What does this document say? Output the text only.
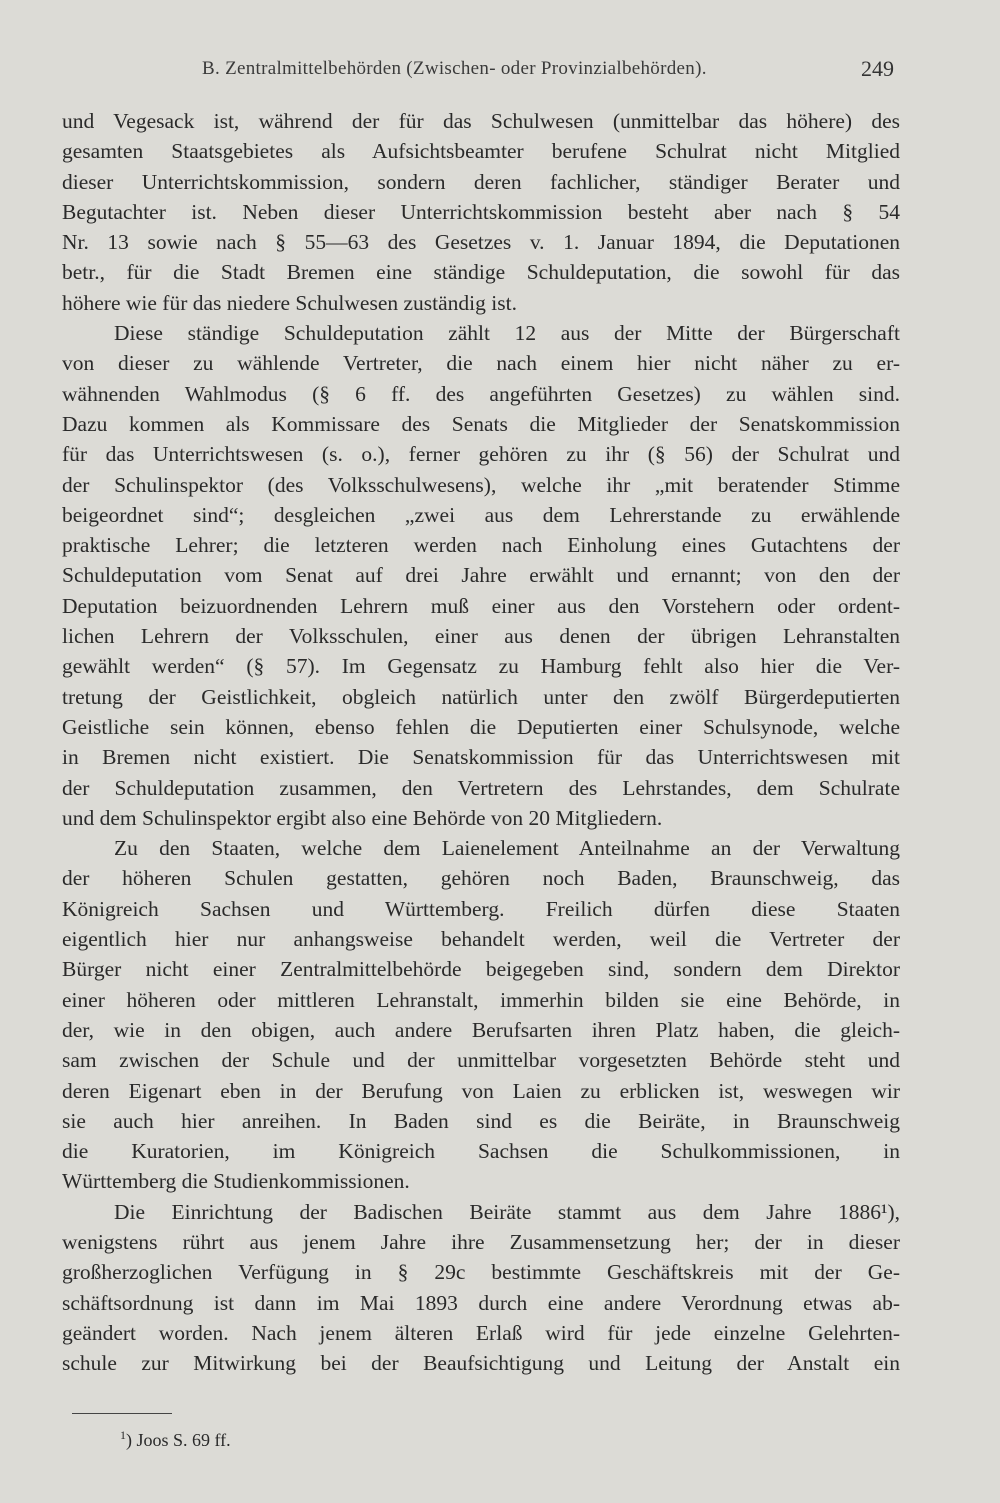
B. Zentralmittelbehörden (Zwischen- oder Provinzialbehörden).	249
und Vegesack ist, während der für das Schulwesen (unmittelbar das höhere) des
gesamten Staatsgebietes als Aufsichtsbeamter berufene Schulrat nicht Mitglied
dieser Unterrichtskommission, sondern deren fachlicher, ständiger Berater und
Begutachter ist. Neben dieser Unterrichtskommission besteht aber nach § 54
Nr. 13 sowie nach § 55—63 des Gesetzes v. 1. Januar 1894, die Deputationen
betr., für die Stadt Bremen eine ständige Schuldeputation, die sowohl für das
höhere wie für das niedere Schulwesen zuständig ist.
Diese ständige Schuldeputation zählt 12 aus der Mitte der Bürgerschaft
von dieser zu wählende Vertreter, die nach einem hier nicht näher zu er-
wähnenden Wahlmodus (§ 6 ff. des angeführten Gesetzes) zu wählen sind.
Dazu kommen als Kommissare des Senats die Mitglieder der Senatskommission
für das Unterrichtswesen (s. o.), ferner gehören zu ihr (§ 56) der Schulrat und
der Schulinspektor (des Volksschulwesens), welche ihr „mit beratender Stimme
beigeordnet sind“; desgleichen „zwei aus dem Lehrerstande zu erwählende
praktische Lehrer; die letzteren werden nach Einholung eines Gutachtens der
Schuldeputation vom Senat auf drei Jahre erwählt und ernannt; von den der
Deputation beizuordnenden Lehrern muß einer aus den Vorstehern oder ordent-
lichen Lehrern der Volksschulen, einer aus denen der übrigen Lehranstalten
gewählt werden“ (§ 57). Im Gegensatz zu Hamburg fehlt also hier die Ver-
tretung der Geistlichkeit, obgleich natürlich unter den zwölf Bürgerdeputierten
Geistliche sein können, ebenso fehlen die Deputierten einer Schulsynode, welche
in Bremen nicht existiert. Die Senatskommission für das Unterrichtswesen mit
der Schuldeputation zusammen, den Vertretern des Lehrstandes, dem Schulrate
und dem Schulinspektor ergibt also eine Behörde von 20 Mitgliedern.
Zu den Staaten, welche dem Laienelement Anteilnahme an der Verwaltung
der höheren Schulen gestatten, gehören noch Baden, Braunschweig, das
Königreich Sachsen und Württemberg. Freilich dürfen diese Staaten
eigentlich hier nur anhangsweise behandelt werden, weil die Vertreter der
Bürger nicht einer Zentralmittelbehörde beigegeben sind, sondern dem Direktor
einer höheren oder mittleren Lehranstalt, immerhin bilden sie eine Behörde, in
der, wie in den obigen, auch andere Berufsarten ihren Platz haben, die gleich-
sam zwischen der Schule und der unmittelbar vorgesetzten Behörde steht und
deren Eigenart eben in der Berufung von Laien zu erblicken ist, weswegen wir
sie auch hier anreihen. In Baden sind es die Beiräte, in Braunschweig
die Kuratorien, im Königreich Sachsen die Schulkommissionen, in
Württemberg die Studienkommissionen.
Die Einrichtung der Badischen Beiräte stammt aus dem Jahre 1886¹),
wenigstens rührt aus jenem Jahre ihre Zusammensetzung her; der in dieser
großherzoglichen Verfügung in § 29c bestimmte Geschäftskreis mit der Ge-
schäftsordnung ist dann im Mai 1893 durch eine andere Verordnung etwas ab-
geändert worden. Nach jenem älteren Erlaß wird für jede einzelne Gelehrten-
schule zur Mitwirkung bei der Beaufsichtigung und Leitung der Anstalt ein
$^1$) Joos S. 69 ff.
